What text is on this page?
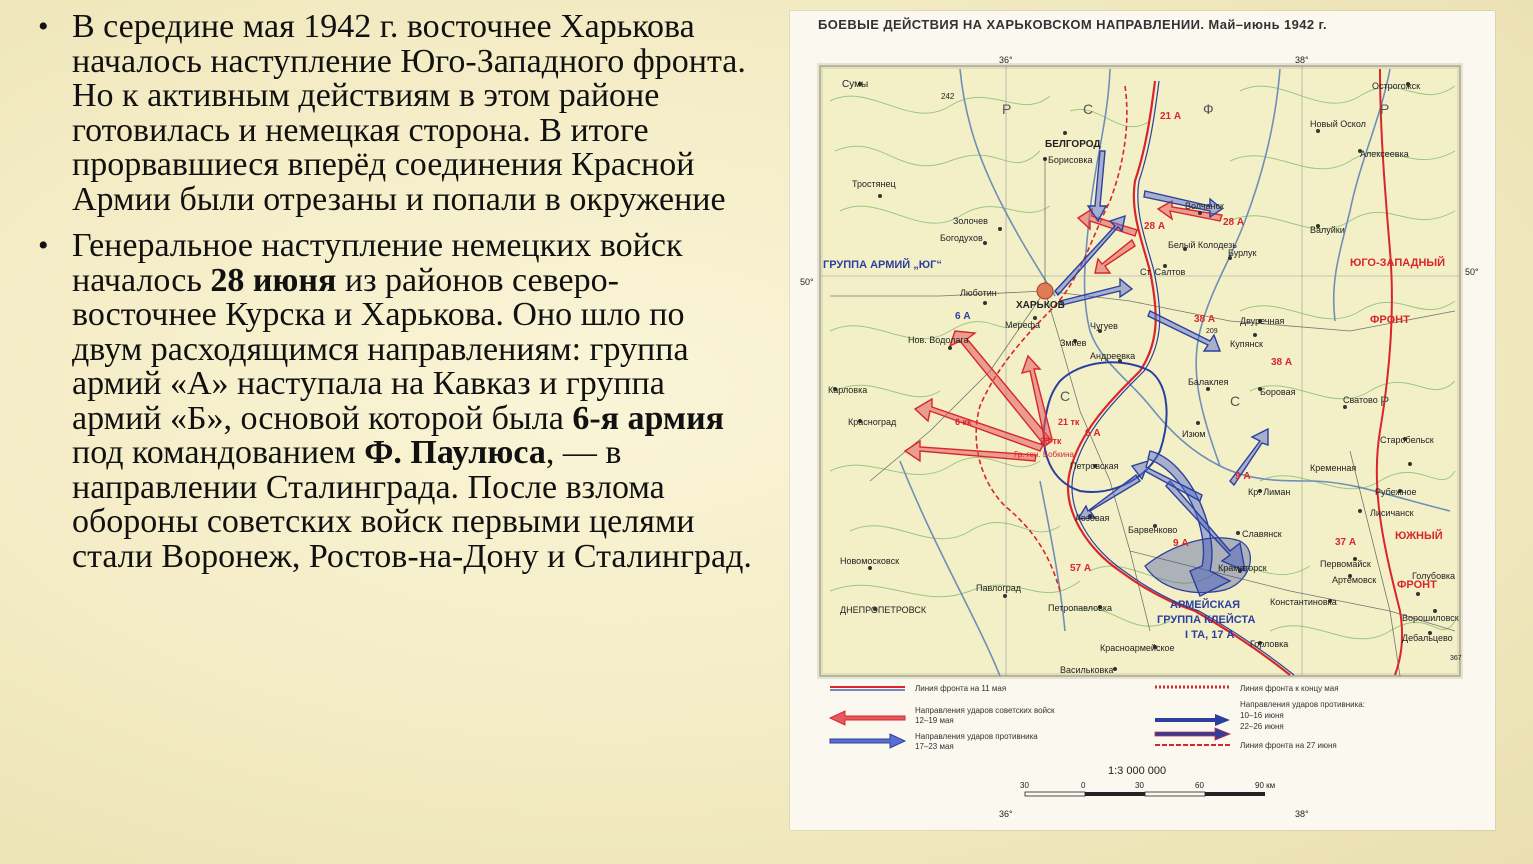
• В середине мая 1942 г. восточнее Харькова началось наступление Юго-Западного фронта. Но к активным действиям в этом районе готовилась и немецкая сторона. В итоге прорвавшиеся вперёд соединения Красной Армии были отрезаны и попали в окружение
• Генеральное наступление немецких войск началось 28 июня из районов северо-восточнее Курска и Харькова. Оно шло по двум расходящимся направлениям: группа армий «А» наступала на Кавказ и группа армий «Б», основой которой была 6-я армия под командованием Ф. Паулюса, — в направлении Сталинграда. После взлома обороны советских войск первыми целями стали Воронеж, Ростов-на-Дону и Сталинград.
БОЕВЫЕ ДЕЙСТВИЯ НА ХАРЬКОВСКОМ НАПРАВЛЕНИИ. Май–июнь 1942 г.
36°	38°
36°	38°
50°
50°
Сумы
242
БЕЛГОРОД
Борисовка
Тростянец
Золочев
Богодухов
ХАРЬКОВ
Люботин
Мерефа
Волчанск
Белый Колодезь
Ст. Салтов
Бурлук
Двуречная
Купянск
Валуйки
Новый Оскол
Алексеевка
Острогожск
Балаклея
Изюм
Боровая
Сватово
Старобельск
Кременная
Рубежное
Лисичанск
Кр. Лиман
Первомайск
Артемовск
Константиновка
Краматорск
Славянск
Ворошиловск
Дебальцево
Голубовка
Горловка
Красноармейское
Васильковка
Петропавловка
Павлоград
Лозовая
Барвенково
Петровская
Новомосковск
ДНЕПРОПЕТРОВСК
Карловка
Красноград
Нов. Водолага	Змиев
Андреевка
Чугуев
21 А
28 А	28 А
38 А
38 А
6 А
6 кк	21 тк
23 тк
6 А
Гр. ген. Бобкина
9 А
9 А
57 А
37 А
ГРУППА АРМИЙ „ЮГ“	ЮГО-ЗАПАДНЫЙ
ФРОНТ
ЮЖНЫЙ
ФРОНТ
АРМЕЙСКАЯ
ГРУППА КЛЕЙСТА
I ТА, 17 А
Р	С	Ф	Р
Р
С	С
209
367
Линия фронта на 11 мая	Линия фронта к концу мая
Направления ударов советских войск
12–19 мая
Направления ударов противника
17–23 мая
Направления ударов противника:
10–16 июня
22–26 июня
Линия фронта на 27 июня
1:3 000 000
30	0	30	60	90 км
